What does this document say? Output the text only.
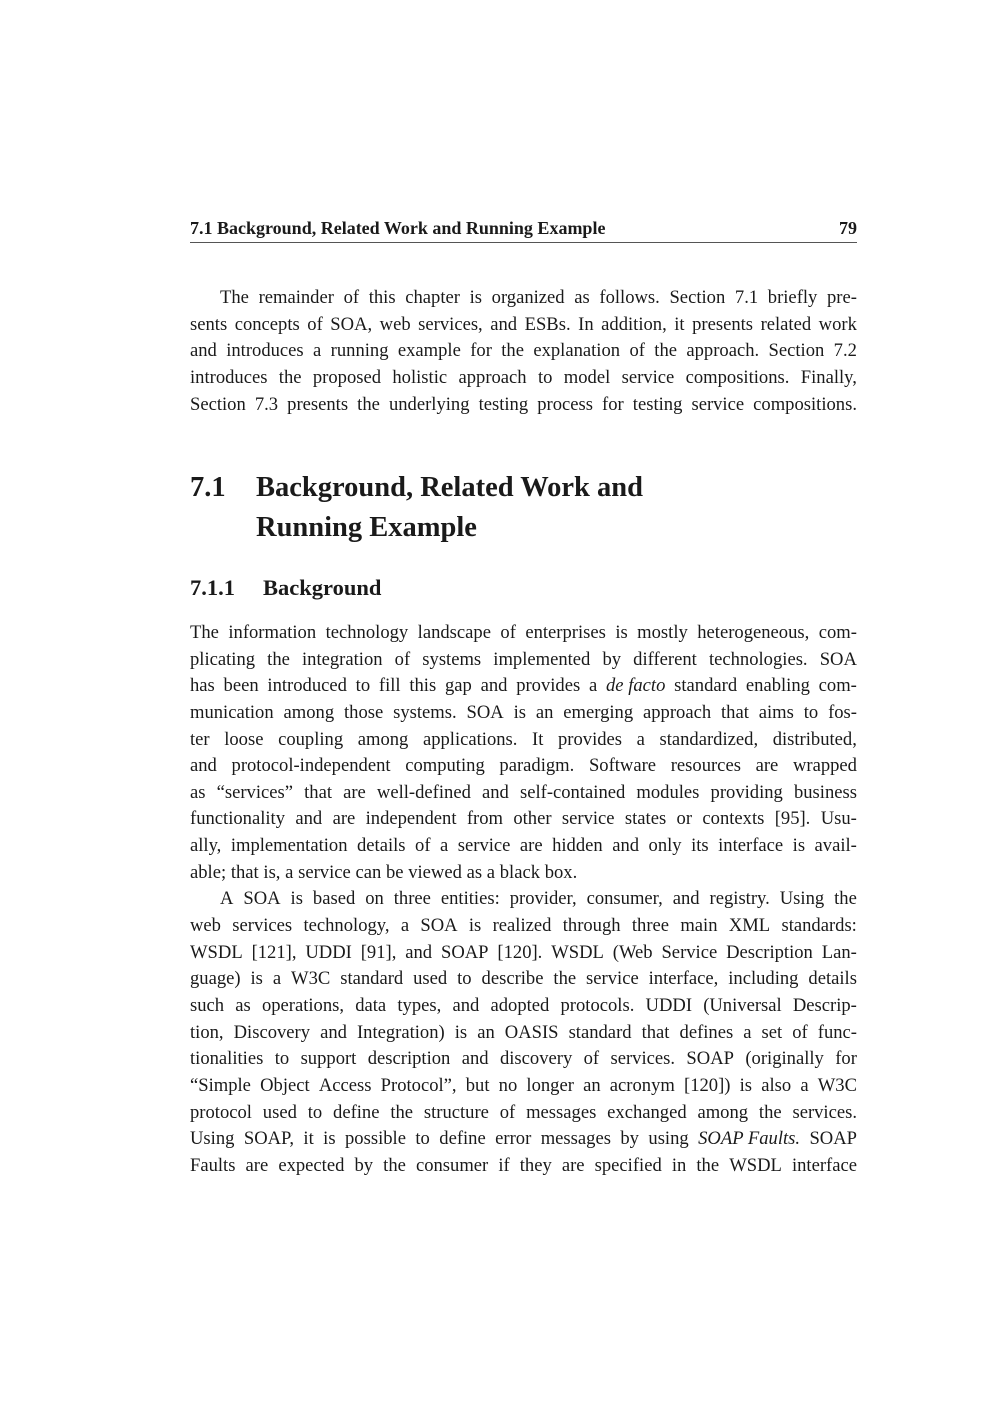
7.1 Background, Related Work and Running Example	79
The remainder of this chapter is organized as follows. Section 7.1 briefly pre-
sents concepts of SOA, web services, and ESBs. In addition, it presents related work
and introduces a running example for the explanation of the approach. Section 7.2
introduces the proposed holistic approach to model service compositions. Finally,
Section 7.3 presents the underlying testing process for testing service compositions.
7.1 Background, Related Work and
Running Example
7.1.1 Background
The information technology landscape of enterprises is mostly heterogeneous, com-
plicating the integration of systems implemented by different technologies. SOA
has been introduced to fill this gap and provides a de facto standard enabling com-
munication among those systems. SOA is an emerging approach that aims to fos-
ter loose coupling among applications. It provides a standardized, distributed,
and protocol-independent computing paradigm. Software resources are wrapped
as “services” that are well-defined and self-contained modules providing business
functionality and are independent from other service states or contexts [95]. Usu-
ally, implementation details of a service are hidden and only its interface is avail-
able; that is, a service can be viewed as a black box.
A SOA is based on three entities: provider, consumer, and registry. Using the
web services technology, a SOA is realized through three main XML standards:
WSDL [121], UDDI [91], and SOAP [120]. WSDL (Web Service Description Lan-
guage) is a W3C standard used to describe the service interface, including details
such as operations, data types, and adopted protocols. UDDI (Universal Descrip-
tion, Discovery and Integration) is an OASIS standard that defines a set of func-
tionalities to support description and discovery of services. SOAP (originally for
“Simple Object Access Protocol”, but no longer an acronym [120]) is also a W3C
protocol used to define the structure of messages exchanged among the services.
Using SOAP, it is possible to define error messages by using SOAP Faults. SOAP
Faults are expected by the consumer if they are specified in the WSDL interface
